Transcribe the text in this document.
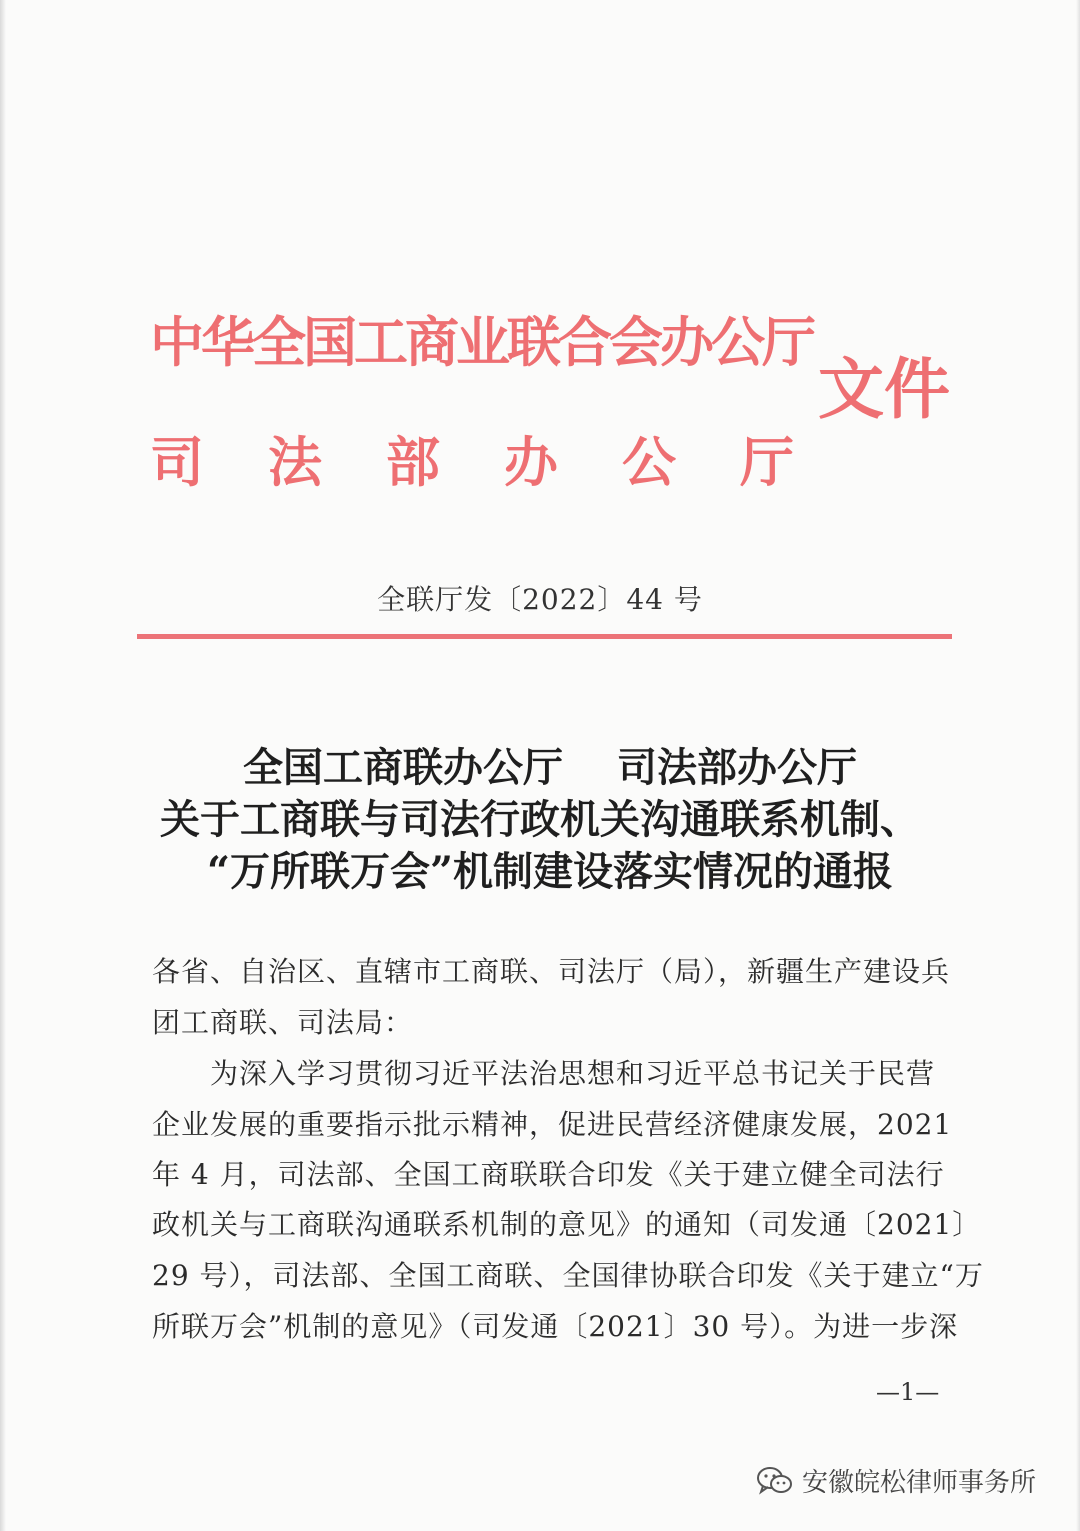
中华全国工商业联合会办公厅
司 法 部 办 公 厅
文件
全联厅发〔2022〕44 号
全国工商联办公厅　 司法部办公厅
关于工商联与司法行政机关沟通联系机制、
“万所联万会”机制建设落实情况的通报
各省、自治区、直辖市工商联、司法厅（局），新疆生产建设兵
团工商联、司法局：
　　为深入学习贯彻习近平法治思想和习近平总书记关于民营
企业发展的重要指示批示精神，促进民营经济健康发展，2021
年 4 月，司法部、全国工商联联合印发《关于建立健全司法行
政机关与工商联沟通联系机制的意见》的通知（司发通〔2021〕
29 号），司法部、全国工商联、全国律协联合印发《关于建立“万
所联万会”机制的意见》（司发通〔2021〕30 号）。为进一步深
—1—
安徽皖松律师事务所
